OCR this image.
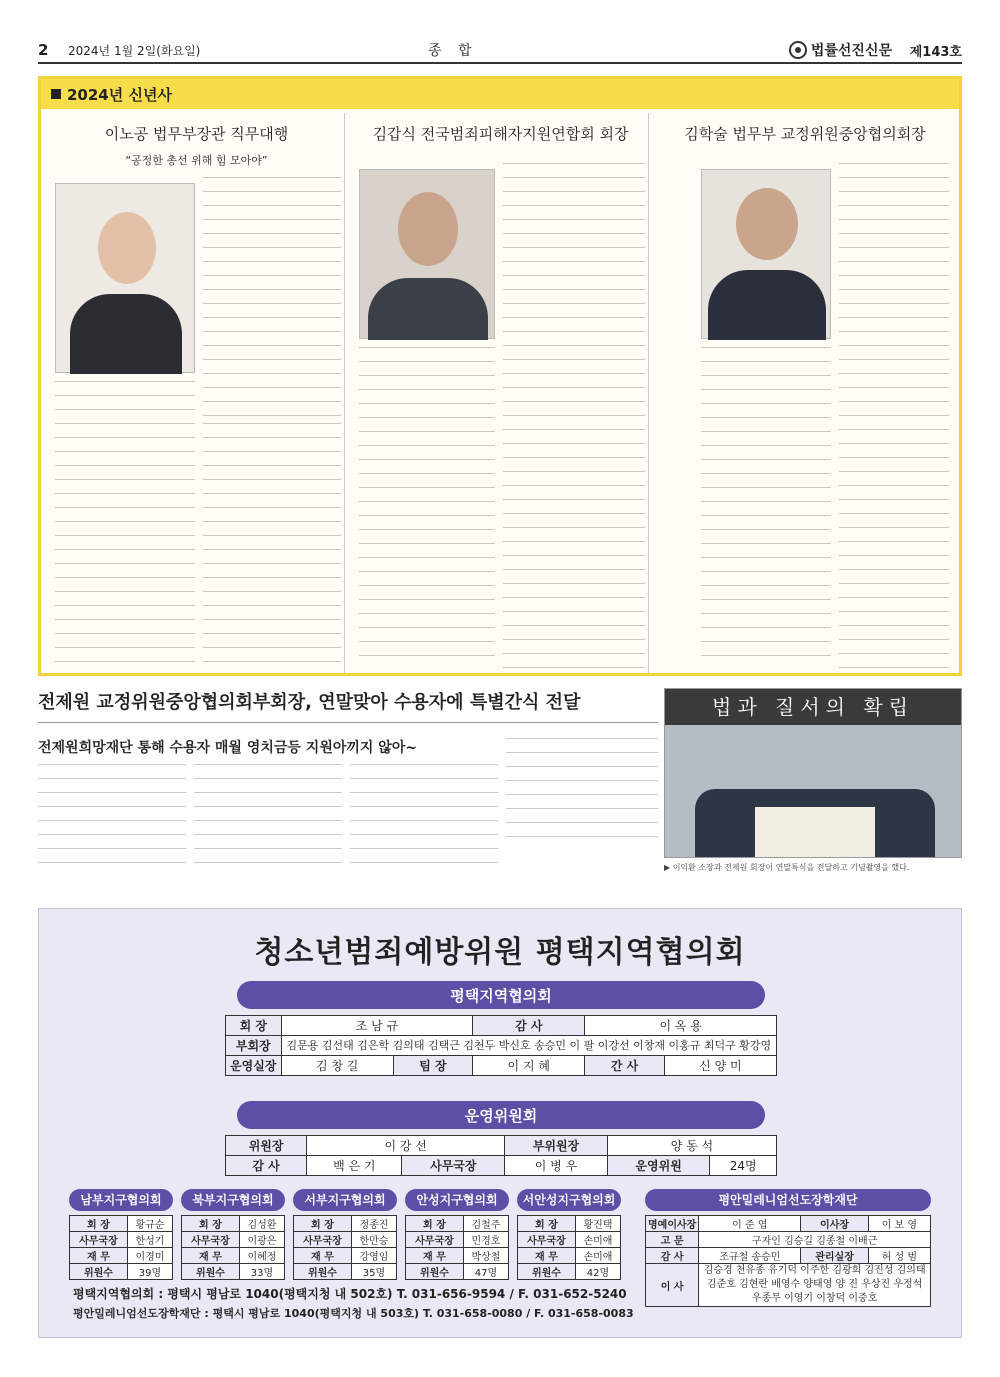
2	2024년 1월 2일(화요일)	종 합	법률선진신문	제143호
2024년 신년사
이노공 법무부장관 직무대행
“공정한 총선 위해 힘 모아야”
김갑식 전국범죄피해자지원연합회 회장	김학술 법무부 교정위원중앙협의회장
전제원 교정위원중앙협의회부회장, 연말맞아 수용자에 특별간식 전달
전제원희망재단 통해 수용자 매월 영치금등 지원아끼지 않아~
법과 질서의 확립
▶ 이익환 소장과 전제원 회장이 연말특식을 전달하고 기념촬영을 했다.
청소년범죄예방위원 평택지역협의회
평택지역협의회
회 장	조 남 규		감 사	이 옥 용	
부회장	김문용 김선태 김은학 김의태 김택근 김천두 박신호 송승민 이 팔 이강선 이창재 이홍규 최덕구 황강영				
운영실장	김 창 길	팀 장	이 지 혜	간 사	신 양 미
운영위원회
위원장	이 강 선		부위원장	양 동 석	
감 사	백 은 기	사무국장	이 병 우	운영위원	24명
남부지구협의회
회 장	황규순
사무국장	한성기
재 무	이경미
위원수	39명
북부지구협의회
회 장	김성환
사무국장	이광은
재 무	이혜정
위원수	33명
서부지구협의회
회 장	정종진
사무국장	한만승
재 무	강영임
위원수	35명
안성지구협의회
회 장	김철주
사무국장	민경호
재 무	박상철
위원수	47명
서안성지구협의회
회 장	황진택
사무국장	손미애
재 무	손미애
위원수	42명
평안밀레니엄선도장학재단
명예이사장	이 준 엽	이사장	이 보 영
고 문	구자인 김승길 김종철 이배근		
감 사	조규철 송승민	관리실장	허 성 범
이 사	김승경 천유종 유기덕 이주한 김광희 김진성 김의태 김준호 김현란 배영수 양태영 양 진 우상진 우정석 우종무 이영기 이창덕 이중호		
평택지역협의회 : 평택시 평남로 1040(평택지청 내 502호) T. 031-656-9594 / F. 031-652-5240
평안밀레니엄선도장학재단 : 평택시 평남로 1040(평택지청 내 503호) T. 031-658-0080 / F. 031-658-0083
